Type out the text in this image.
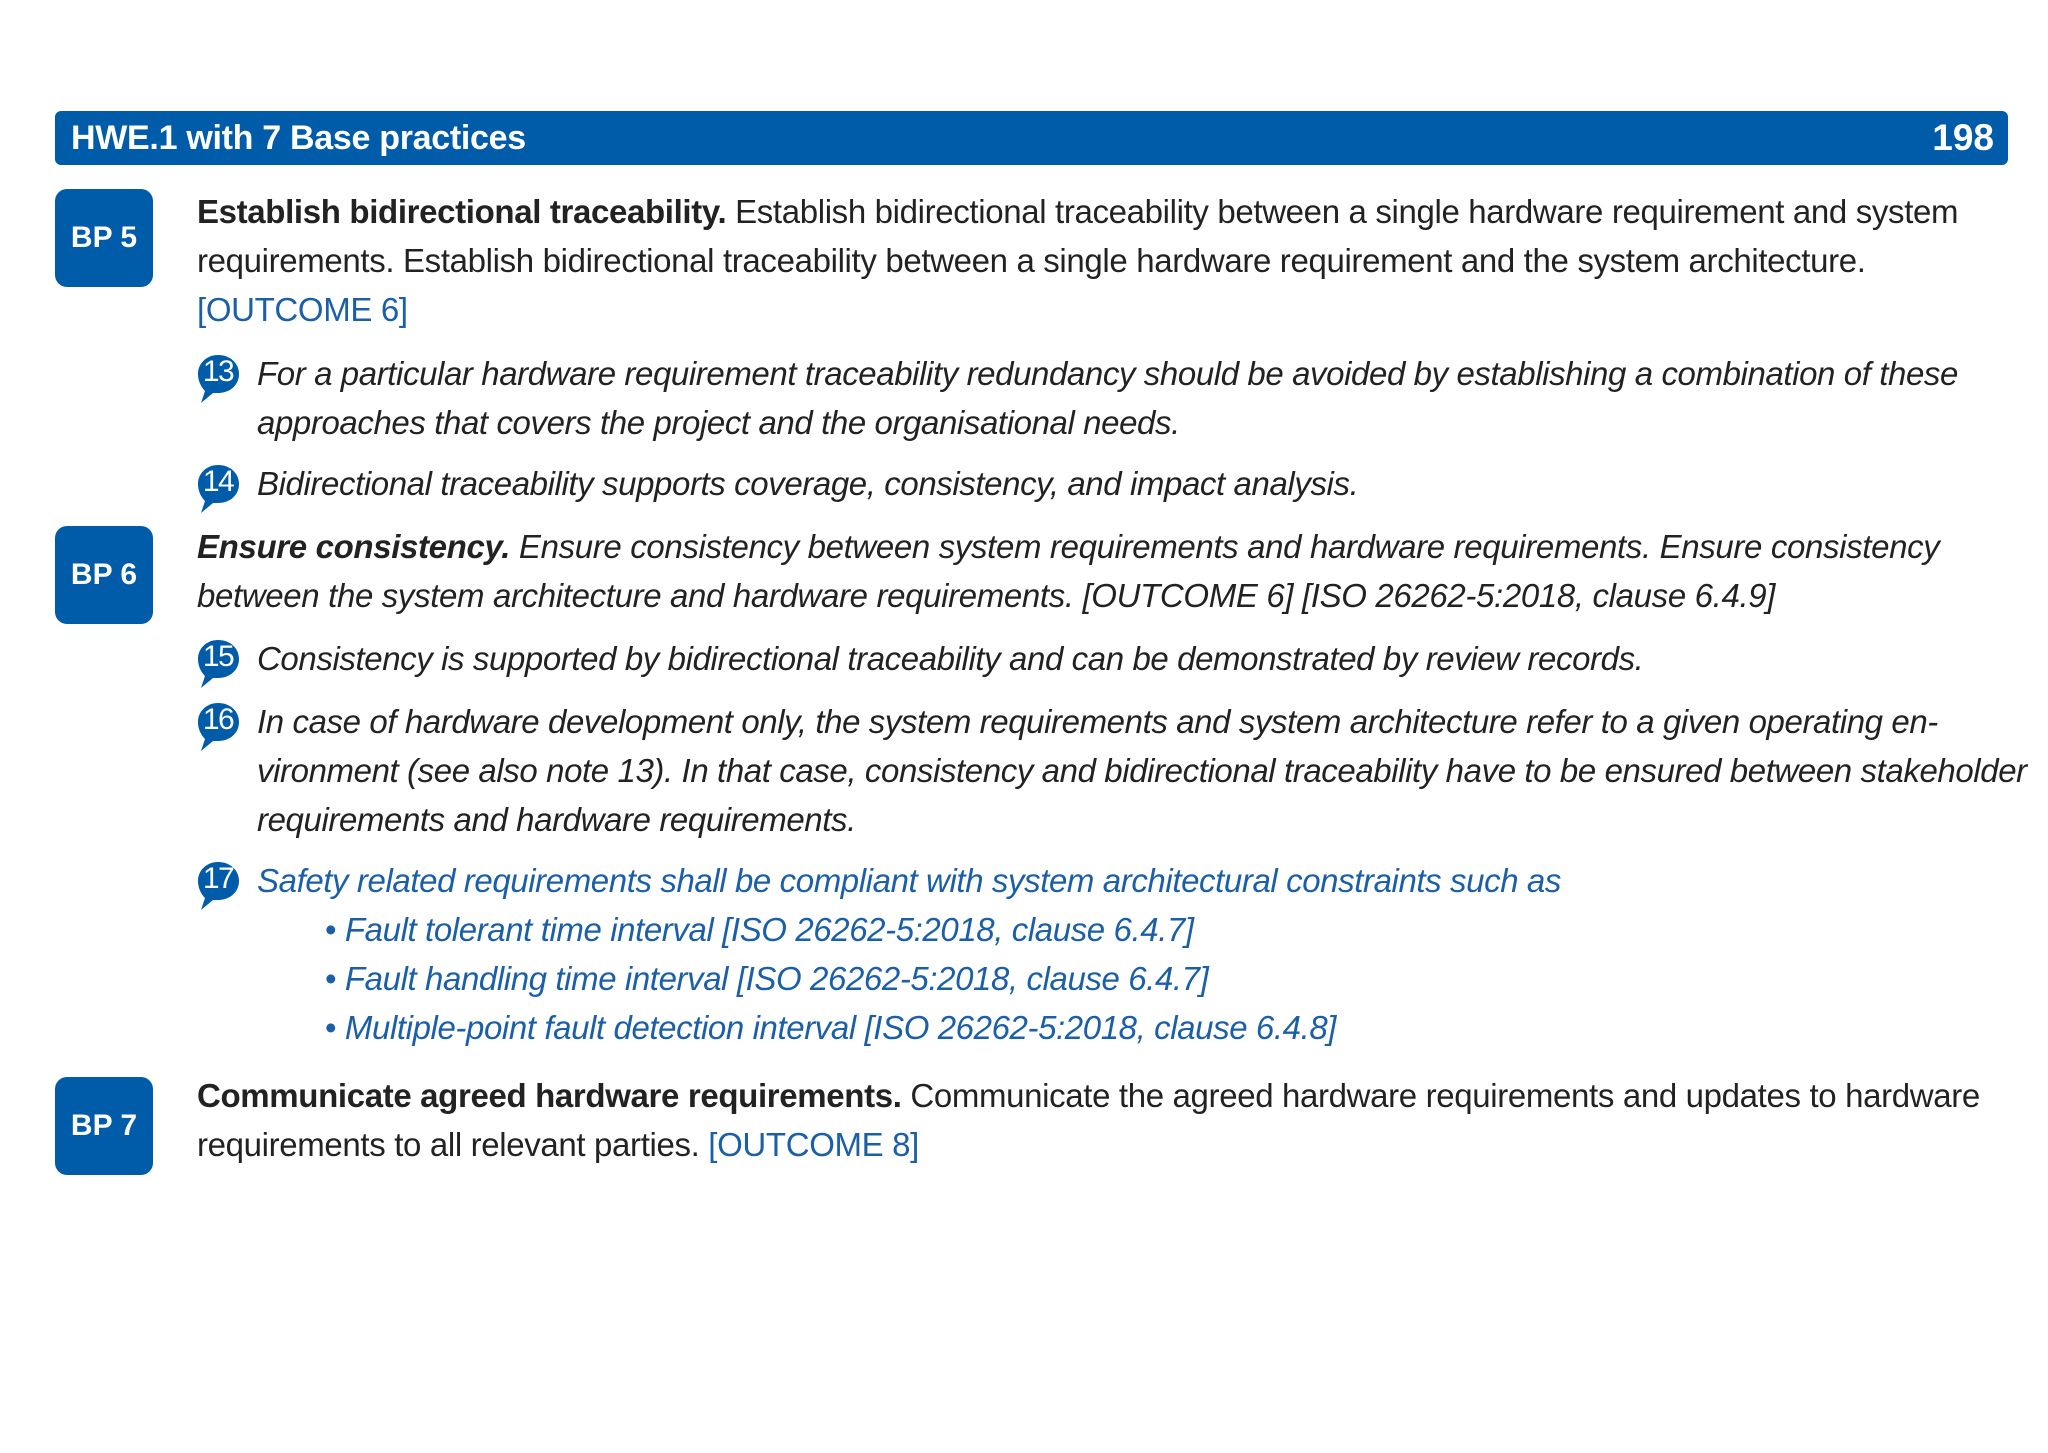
HWE.1 with 7 Base practices	198
BP 5

Establish bidirectional traceability. Establish bidirectional traceability between a single hardware requirement and system requirements. Establish bidirectional traceability between a single hardware requirement and the system architecture. [OUTCOME 6]

13 For a particular hardware requirement traceability redundancy should be avoided by establishing a combination of these approaches that covers the project and the organisational needs.
14 Bidirectional traceability supports coverage, consistency, and impact analysis.
BP 6

Ensure consistency. Ensure consistency between system requirements and hardware requirements. Ensure consistency between the system architecture and hardware requirements. [OUTCOME 6] [ISO 26262-5:2018, clause 6.4.9]

15 Consistency is supported by bidirectional traceability and can be demonstrated by review records.
16 In case of hardware development only, the system requirements and system architecture refer to a given operating environment (see also note 13). In that case, consistency and bidirectional traceability have to be ensured between stakeholder requirements and hardware requirements.
17 Safety related requirements shall be compliant with system architectural constraints such as
• Fault tolerant time interval [ISO 26262-5:2018, clause 6.4.7]
• Fault handling time interval [ISO 26262-5:2018, clause 6.4.7]
• Multiple-point fault detection interval [ISO 26262-5:2018, clause 6.4.8]
BP 7

Communicate agreed hardware requirements. Communicate the agreed hardware requirements and updates to hardware requirements to all relevant parties. [OUTCOME 8]
